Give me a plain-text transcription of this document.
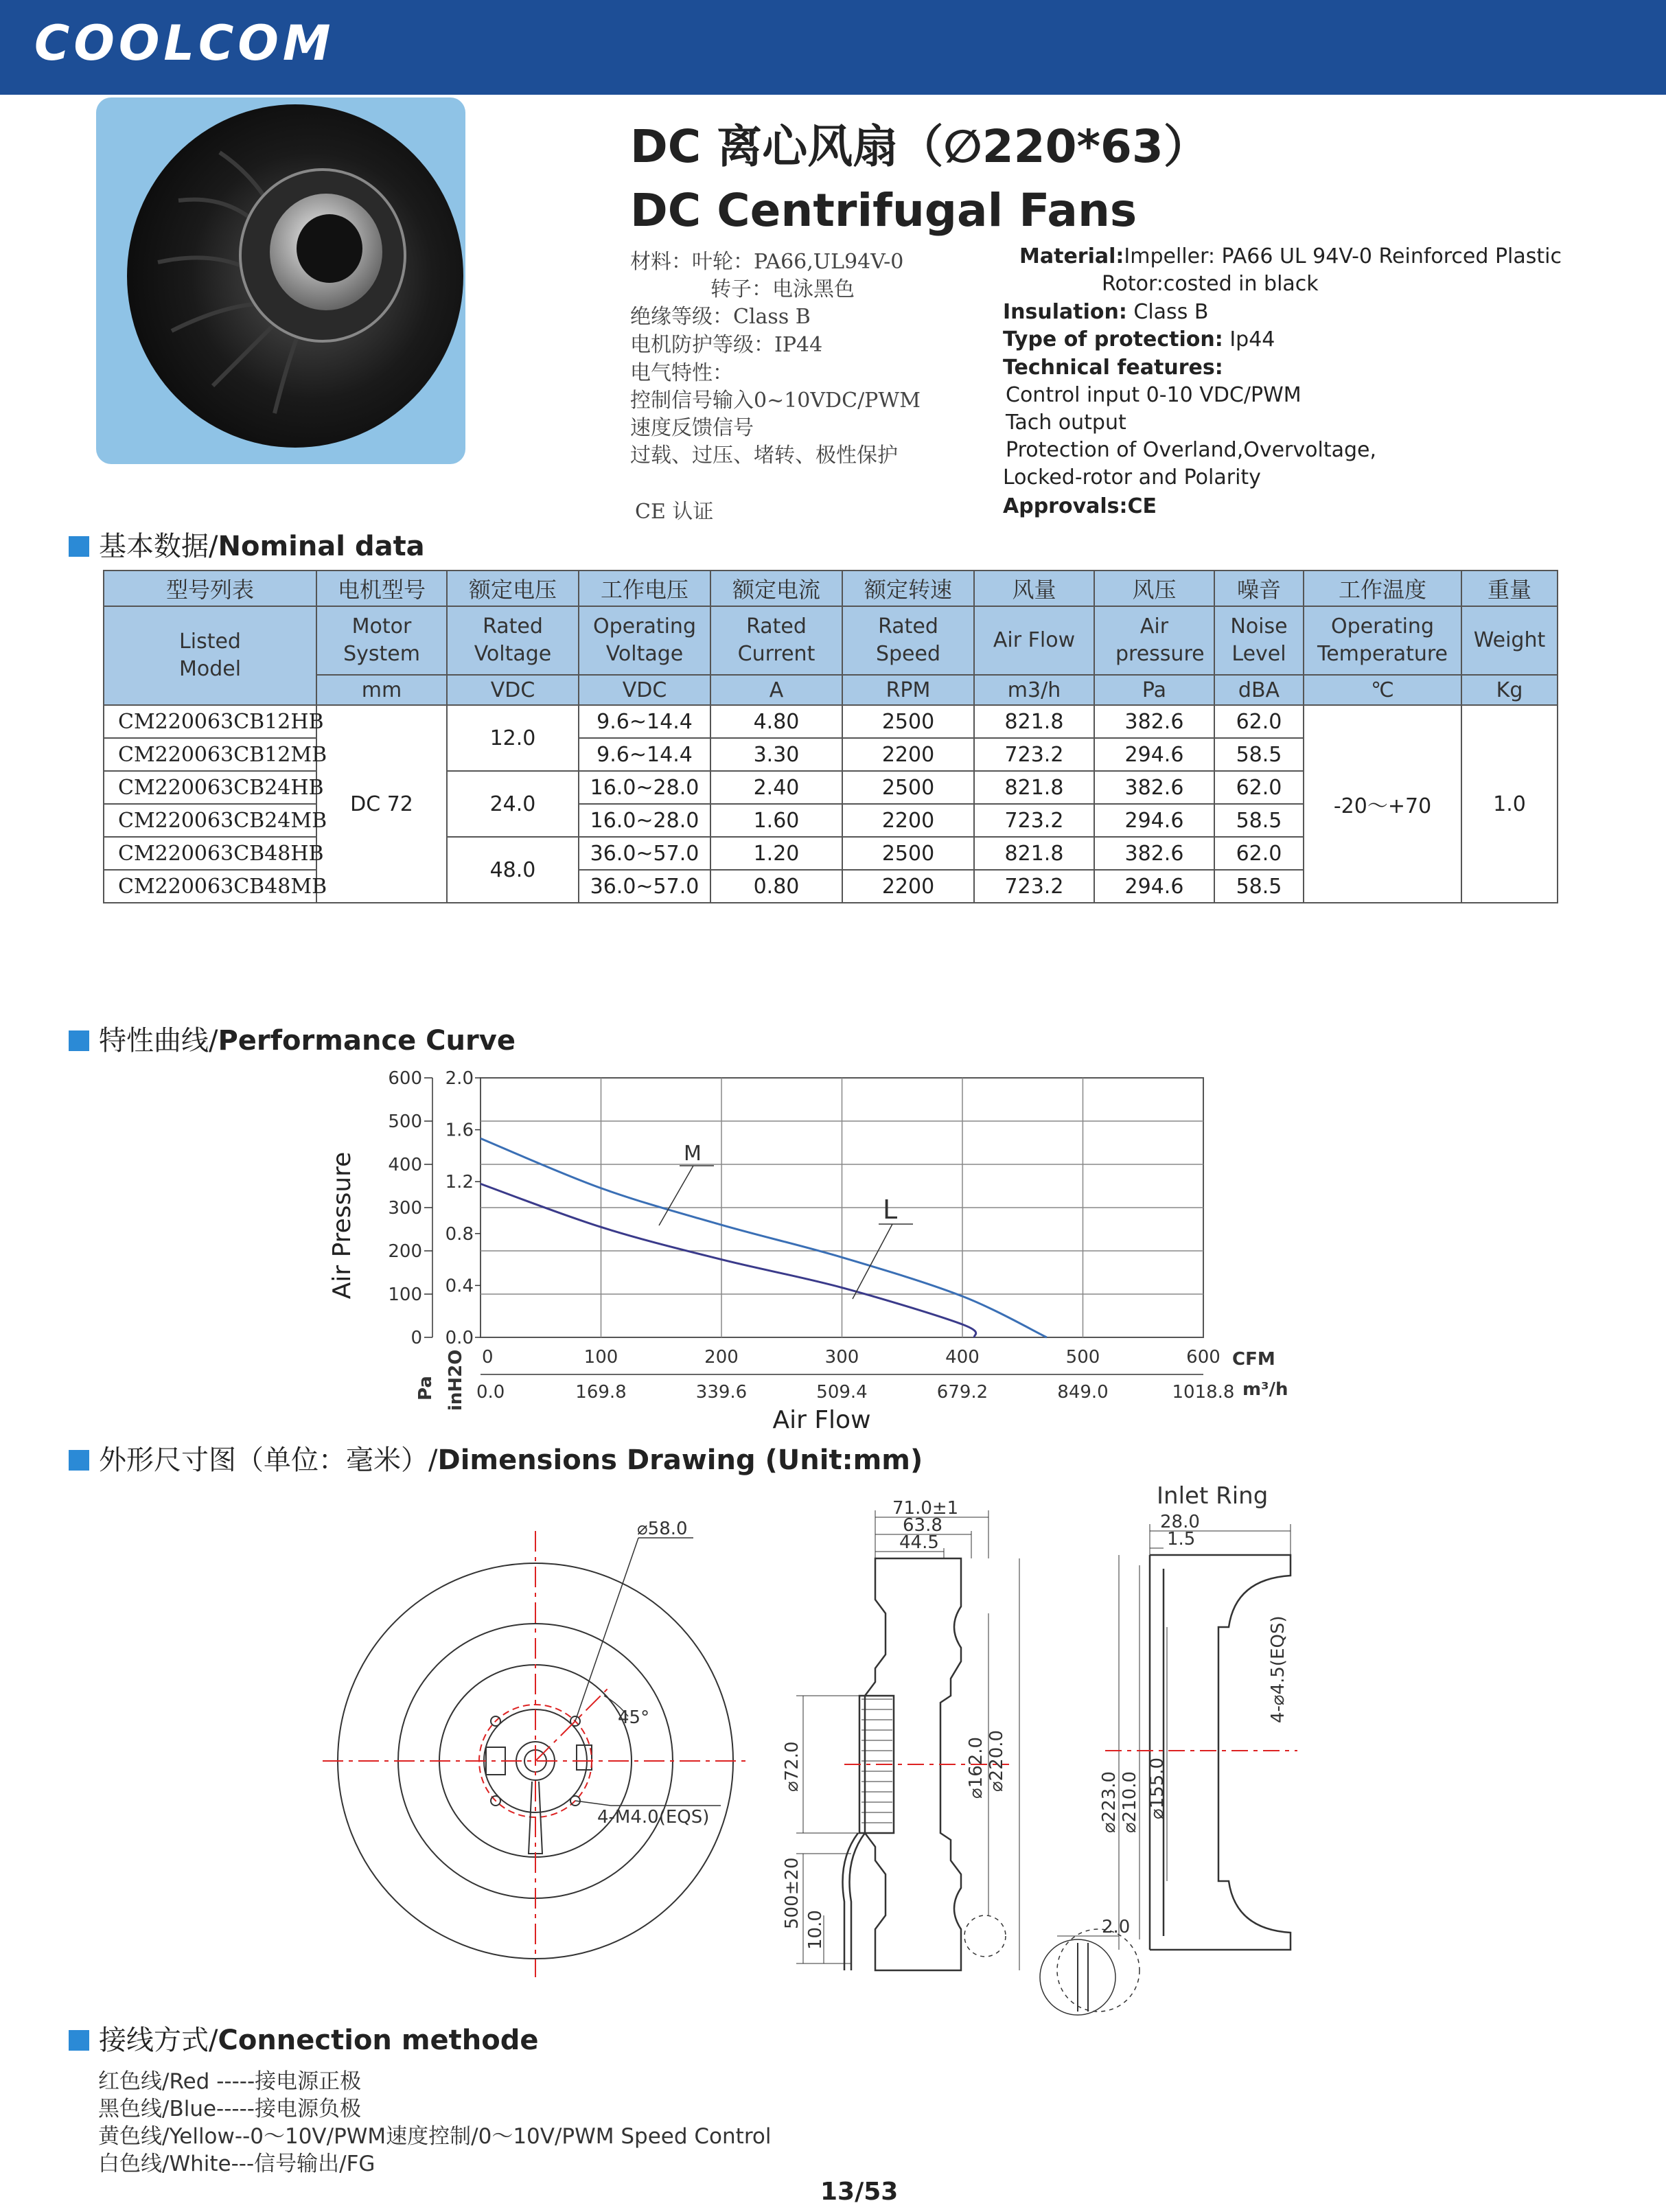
COOLCOM
DC 离心风扇（∅220*63）
DC Centrifugal Fans
材料：叶轮：PA66,UL94V-0
转子：电泳黑色
绝缘等级：Class B
电机防护等级：IP44
电气特性：
控制信号输入0~10VDC/PWM
速度反馈信号
过载、过压、堵转、极性保护
CE 认证
Material:Impeller: PA66 UL 94V-0 Reinforced Plastic
Rotor:costed in black
Insulation: Class B
Type of protection: Ip44
Technical features:
Control input 0-10 VDC/PWM
Tach output
Protection of Overland,Overvoltage,
Locked-rotor and Polarity
Approvals:CE
基本数据/Nominal data
型号列表	电机型号	额定电压	工作电压	额定电流	额定转速	风量	风压	噪音	工作温度	重量
Listed Model	Motor System	Rated Voltage	Operating Voltage	Rated Current	Rated Speed	Air Flow	Air pressure	Noise Level	Operating Temperature	Weight
	mm	VDC	VDC	A	RPM	m3/h	Pa	dBA	℃	Kg
CM220063CB12HB	DC 72	12.0	9.6~14.4	4.80	2500	821.8	382.6	62.0	-20～+70	1.0
CM220063CB12MB			9.6~14.4	3.30	2200	723.2	294.6	58.5		
CM220063CB24HB		24.0	16.0~28.0	2.40	2500	821.8	382.6	62.0		
CM220063CB24MB			16.0~28.0	1.60	2200	723.2	294.6	58.5		
CM220063CB48HB		48.0	36.0~57.0	1.20	2500	821.8	382.6	62.0		
CM220063CB48MB			36.0~57.0	0.80	2200	723.2	294.6	58.5		
特性曲线/Performance Curve
0
100
200
300
400
500
600
0.0
0.4
0.8
1.2
1.6
2.0
0	100	200	300	400	500	600
0.0	169.8	339.6	509.4	679.2	849.0	1018.8
M
L
Air Pressure
Air Flow
CFM
m³/h
Pa inH2O
外形尺寸图（单位：毫米）/Dimensions Drawing (Unit:mm)
⌀58.0
45°
4-M4.0(EQS)
71.0±1
63.8
44.5
⌀72.0	⌀162.0 ⌀220.0
500±20
10.0
Inlet Ring
28.0
1.5
4-⌀4.5(EQS)
⌀223.0 ⌀210.0 ⌀155.0
2.0
接线方式/Connection methode
红色线/Red -----接电源正极
黑色线/Blue-----接电源负极
黄色线/Yellow--0～10V/PWM速度控制/0～10V/PWM Speed Control
白色线/White---信号输出/FG
13/53
